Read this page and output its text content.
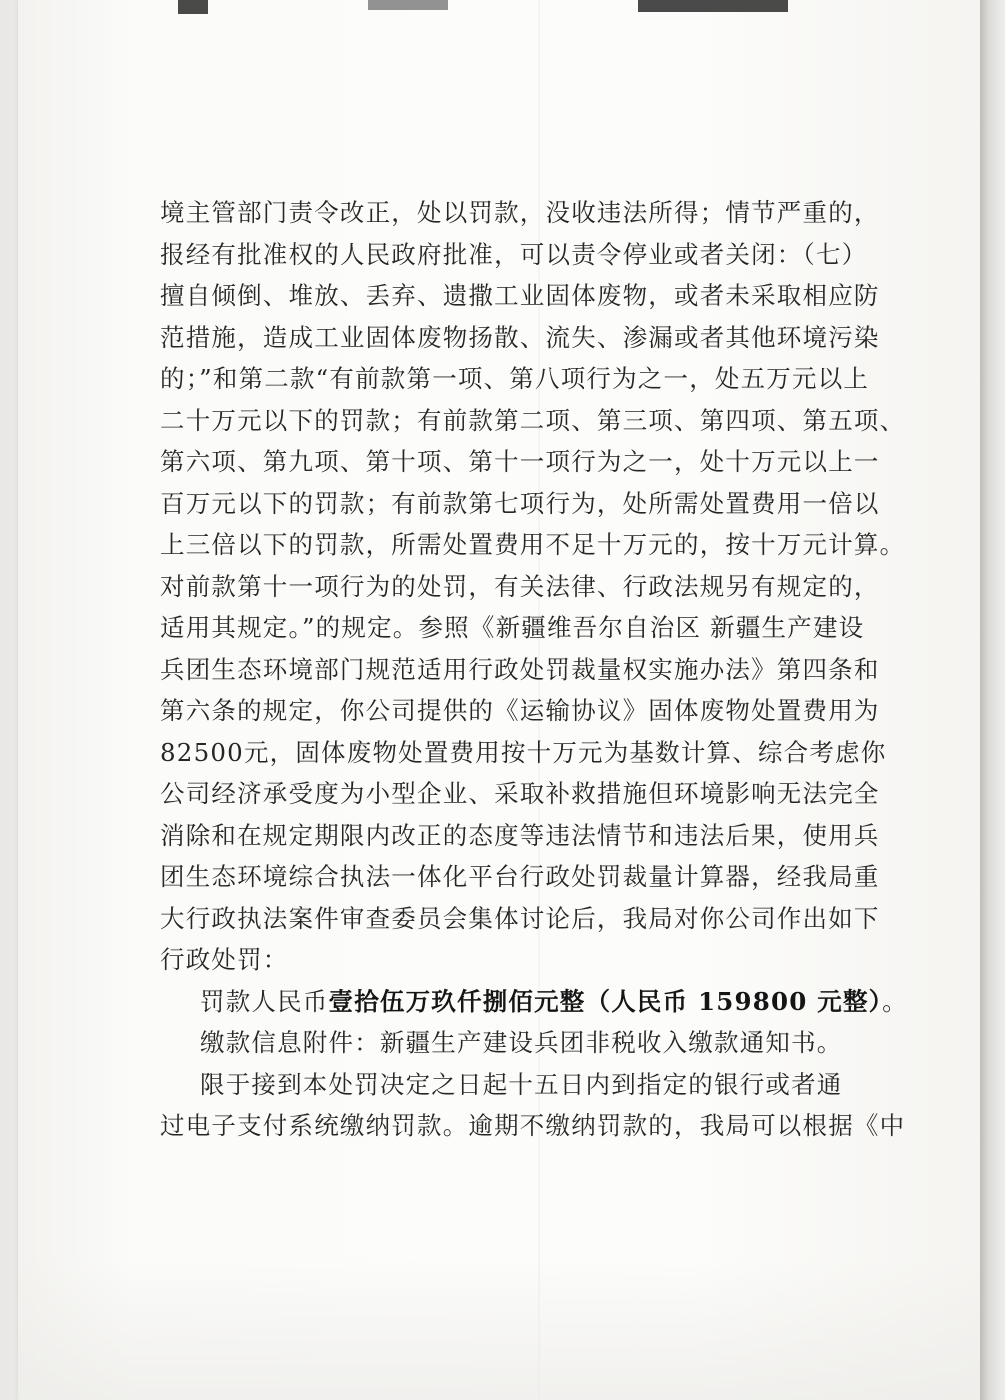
境主管部门责令改正，处以罚款，没收违法所得；情节严重的，
报经有批准权的人民政府批准，可以责令停业或者关闭：（七）
擅自倾倒、堆放、丢弃、遗撒工业固体废物，或者未采取相应防
范措施，造成工业固体废物扬散、流失、渗漏或者其他环境污染
的；”和第二款“有前款第一项、第八项行为之一，处五万元以上
二十万元以下的罚款；有前款第二项、第三项、第四项、第五项、
第六项、第九项、第十项、第十一项行为之一，处十万元以上一
百万元以下的罚款；有前款第七项行为，处所需处置费用一倍以
上三倍以下的罚款，所需处置费用不足十万元的，按十万元计算。
对前款第十一项行为的处罚，有关法律、行政法规另有规定的，
适用其规定。”的规定。参照《新疆维吾尔自治区 新疆生产建设
兵团生态环境部门规范适用行政处罚裁量权实施办法》第四条和
第六条的规定，你公司提供的《运输协议》固体废物处置费用为
82500元，固体废物处置费用按十万元为基数计算、综合考虑你
公司经济承受度为小型企业、采取补救措施但环境影响无法完全
消除和在规定期限内改正的态度等违法情节和违法后果，使用兵
团生态环境综合执法一体化平台行政处罚裁量计算器，经我局重
大行政执法案件审查委员会集体讨论后，我局对你公司作出如下
行政处罚：
罚款人民币壹拾伍万玖仟捌佰元整（人民币 159800 元整）。
缴款信息附件：新疆生产建设兵团非税收入缴款通知书。
限于接到本处罚决定之日起十五日内到指定的银行或者通
过电子支付系统缴纳罚款。逾期不缴纳罚款的，我局可以根据《中
